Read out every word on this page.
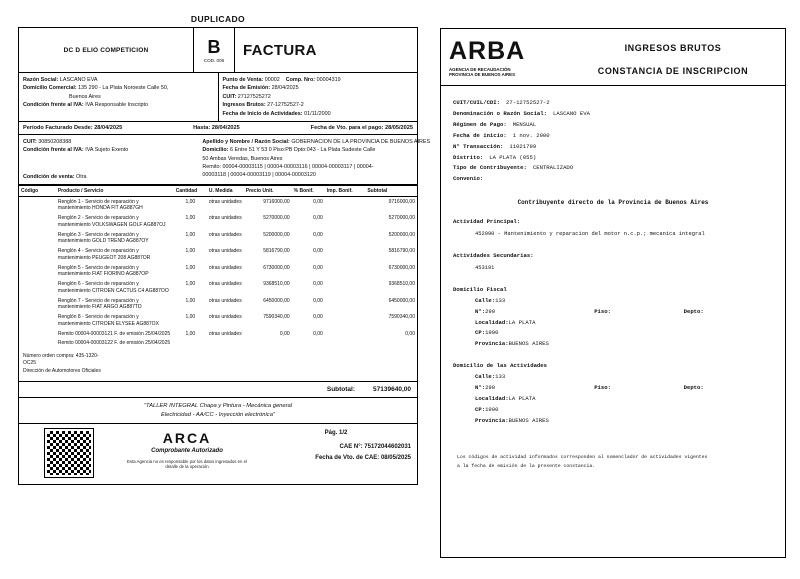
DUPLICADO
DC D ELIO COMPETICION	B
COD. 006
FACTURA
Razón Social: LASCANO EVA
Domicilio Comercial: 135 290 - La Plata Noroeste Calle 50,
Buenos Aires
Condición frente al IVA: IVA Responsable Inscripto
Punto de Venta: 00002 Comp. Nro: 00004319
Fecha de Emisión: 28/04/2025
CUIT: 27127525272
Ingresos Brutos: 27-12752527-2
Fecha de Inicio de Actividades: 01/11/2000
Período Facturado Desde: 28/04/2025	Hasta: 28/04/2025	Fecha de Vto. para el pago: 28/05/2025
CUIT: 30850208388
Condición frente al IVA: IVA Sujeto Exento
Condición de venta: Otra
Apellido y Nombre / Razón Social: GOBERNACION DE LA PROVINCIA DE BUENOS AIRES
Domicilio: 6 Entre 51 Y 53 0 Piso:PB Dpto:043 - La Plata Sudeste Calle
50 Ambas Veredas, Buenos Aires
Remito: 00004-00003115 | 00004-00003116 | 00004-00003117 | 00004-
00003118 | 00004-00003119 | 00004-00003120
Código	Producto / Servicio	Cantidad	U. Medida	Precio Unit.	% Bonif.	Imp. Bonif.	Subtotal
	Renglón 1 - Servicio de reparación y mantenimiento HONDA FIT AG887GH	1,00	otras unidades	9716000,00	0,00		9716000,00
	Renglón 2 - Servicio de reparación y mantenimiento VOLKSWAGEN GOLF AG887OJ	1,00	otras unidades	5270000,00	0,00		5270000,00
	Renglón 3 - Servicio de reparación y mantenimiento GOLD TREND AG887OY	1,00	otras unidades	5200000,00	0,00		5200000,00
	Renglón 4 - Servicio de reparación y mantenimiento PEUGEOT 208 AG887OR	1,00	otras unidades	5816790,00	0,00		5816790,00
	Renglón 5 - Servicio de reparación y mantenimiento FIAT FIORINO AG887OP	1,00	otras unidades	6730000,00	0,00		6730000,00
	Renglón 6 - Servicio de reparación y mantenimiento CITROEN CACTUS C4 AG887OO	1,00	otras unidades	9368510,00	0,00		9368510,00
	Renglón 7 - Servicio de reparación y mantenimiento FIAT ARGO AG887TD	1,00	otras unidades	6450000,00	0,00		6450000,00
	Renglón 8 - Servicio de reparación y mantenimiento CITROEN ELYSEE AG887OX	1,00	otras unidades	7590340,00	0,00		7590340,00
	Remito 00004-00003121 F. de emisión 25/04/2025	1,00	otras unidades	0,00	0,00		0,00
	Remito 00004-00003122 F. de emisión 25/04/2025						
Número orden compra: 435-1320-
OC25
Dirección de Automotores Oficiales
Subtotal:	57139640,00
"TALLER INTEGRAL Chapa y Pintura - Mecánica general
Electricidad - AA/CC - Inyección electrónica"
ARCA
Comprobante Autorizado
Esta Agencia no es responsable por los datos ingresados en el detalle de la operación
Pág. 1/2
CAE N°: 75172044602031
Fecha de Vto. de CAE: 08/05/2025
ARBA
AGENCIA DE RECAUDACIÓN
PROVINCIA DE BUENOS AIRES
INGRESOS BRUTOS
CONSTANCIA DE INSCRIPCION
CUIT/CUIL/CDI: 27-12752527-2
Denominación o Razón Social: LASCANO EVA
Régimen de Pago: MENSUAL
Fecha de inicio: 1 nov. 2000
N° Transacción: 11021799
Distrito: LA PLATA (055)
Tipo de Contribuyente: CENTRALIZADO
Convenio:
Contribuyente directo de la Provincia de Buenos Aires
Actividad Principal:
452990 - Mantenimiento y reparacion del motor n.c.p.; mecanica integral
Actividades Secundarias:
453191
Domicilio Fiscal
Calle:133
N°:290	Piso:	Depto:
Localidad:LA PLATA
CP:1900
Provincia:BUENOS AIRES
Domicilio de las Actividades
Calle:133
N°:290	Piso:	Depto:
Localidad:LA PLATA
CP:1900
Provincia:BUENOS AIRES
Los códigos de actividad informados corresponden al nomenclador de actividades vigentes
a la fecha de emisión de la presente constancia.
